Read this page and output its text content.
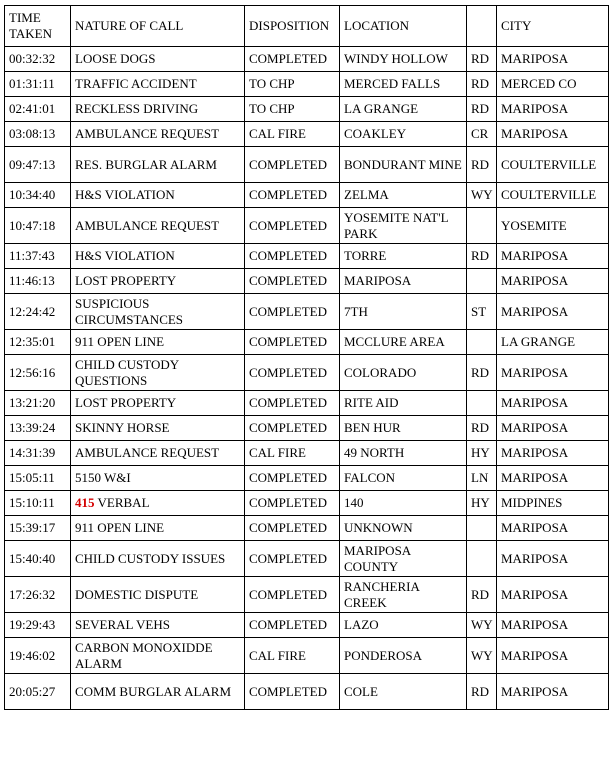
TIME TAKEN	NATURE OF CALL	DISPOSITION	LOCATION		CITY
00:32:32	LOOSE DOGS	COMPLETED	WINDY HOLLOW	RD	MARIPOSA
01:31:11	TRAFFIC ACCIDENT	TO CHP	MERCED FALLS	RD	MERCED CO
02:41:01	RECKLESS DRIVING	TO CHP	LA GRANGE	RD	MARIPOSA
03:08:13	AMBULANCE REQUEST	CAL FIRE	COAKLEY	CR	MARIPOSA
09:47:13	RES. BURGLAR ALARM	COMPLETED	BONDURANT MINE	RD	COULTERVILLE
10:34:40	H&S VIOLATION	COMPLETED	ZELMA	WY	COULTERVILLE
10:47:18	AMBULANCE REQUEST	COMPLETED	YOSEMITE NAT'L PARK		YOSEMITE
11:37:43	H&S VIOLATION	COMPLETED	TORRE	RD	MARIPOSA
11:46:13	LOST PROPERTY	COMPLETED	MARIPOSA		MARIPOSA
12:24:42	SUSPICIOUS CIRCUMSTANCES	COMPLETED	7TH	ST	MARIPOSA
12:35:01	911 OPEN LINE	COMPLETED	MCCLURE AREA		LA GRANGE
12:56:16	CHILD CUSTODY QUESTIONS	COMPLETED	COLORADO	RD	MARIPOSA
13:21:20	LOST PROPERTY	COMPLETED	RITE AID		MARIPOSA
13:39:24	SKINNY HORSE	COMPLETED	BEN HUR	RD	MARIPOSA
14:31:39	AMBULANCE REQUEST	CAL FIRE	49 NORTH	HY	MARIPOSA
15:05:11	5150 W&I	COMPLETED	FALCON	LN	MARIPOSA
15:10:11	415 VERBAL	COMPLETED	140	HY	MIDPINES
15:39:17	911 OPEN LINE	COMPLETED	UNKNOWN		MARIPOSA
15:40:40	CHILD CUSTODY ISSUES	COMPLETED	MARIPOSA COUNTY		MARIPOSA
17:26:32	DOMESTIC DISPUTE	COMPLETED	RANCHERIA CREEK	RD	MARIPOSA
19:29:43	SEVERAL VEHS	COMPLETED	LAZO	WY	MARIPOSA
19:46:02	CARBON MONOXIDDE ALARM	CAL FIRE	PONDEROSA	WY	MARIPOSA
20:05:27	COMM BURGLAR ALARM	COMPLETED	COLE	RD	MARIPOSA
